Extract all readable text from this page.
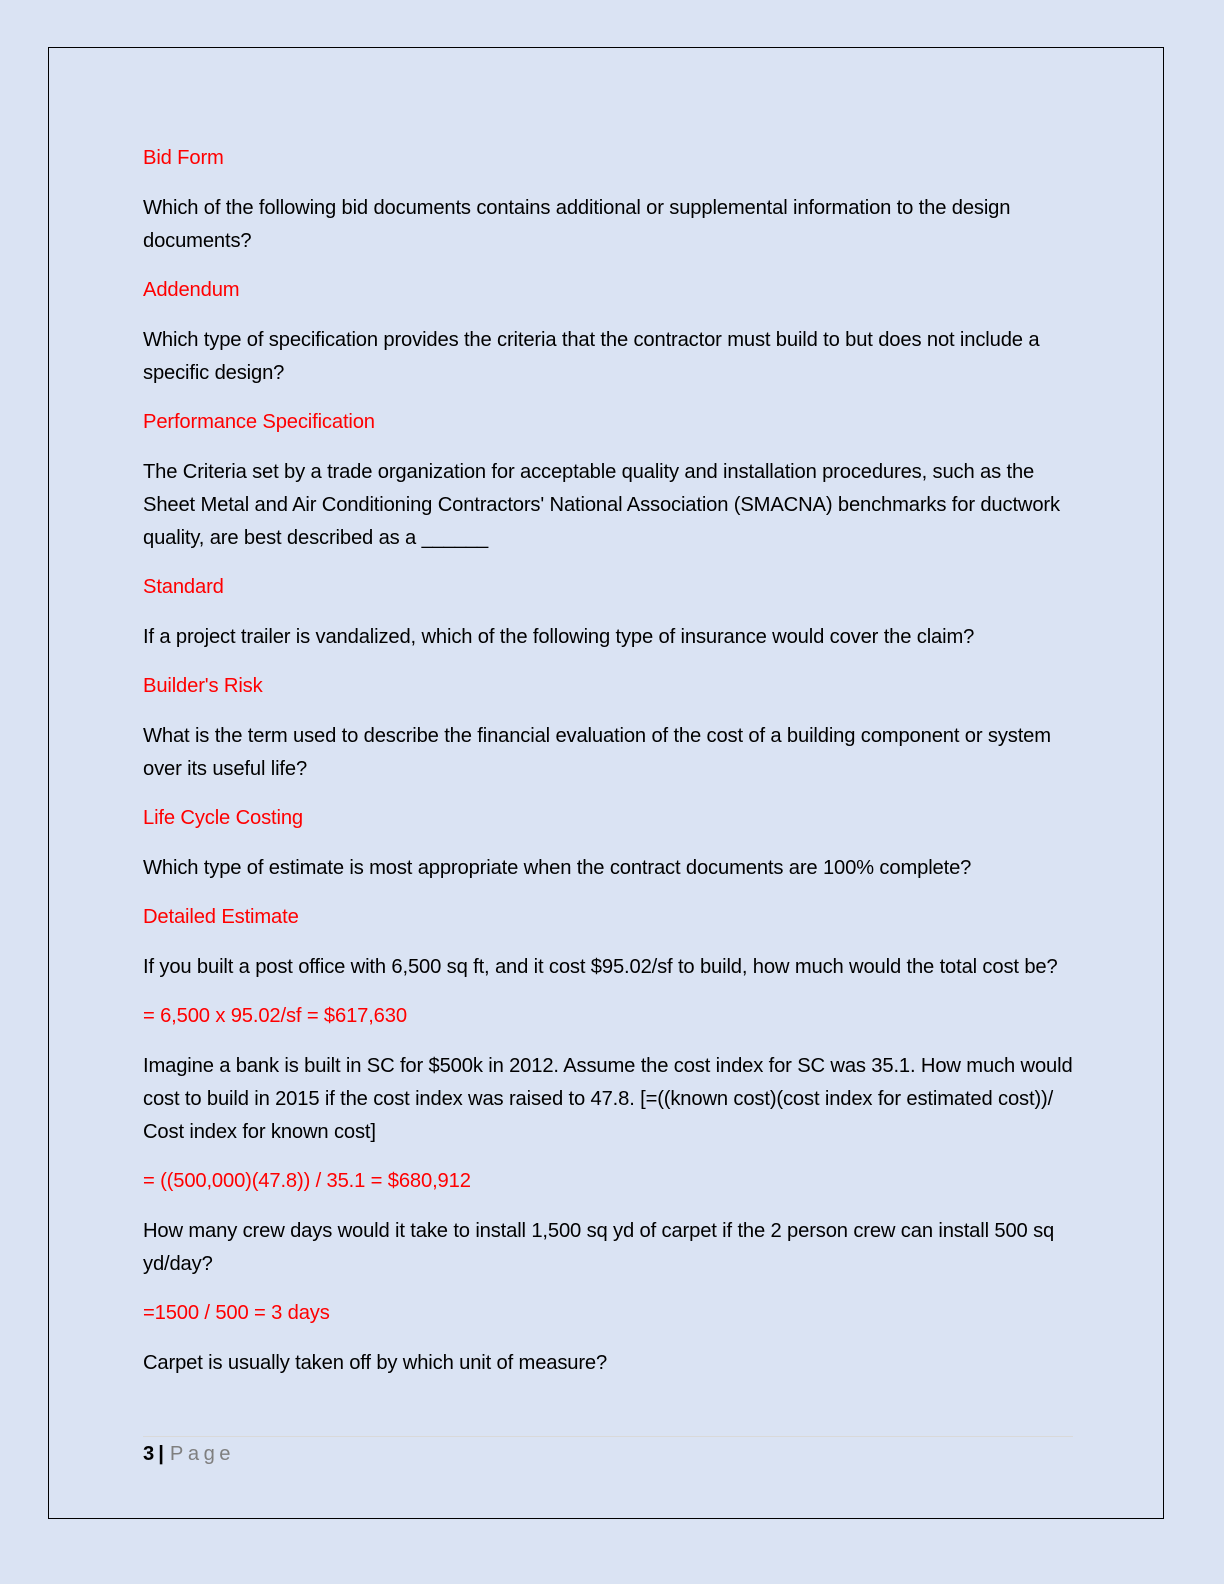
Bid Form

Which of the following bid documents contains additional or supplemental information to the design documents?

Addendum

Which type of specification provides the criteria that the contractor must build to but does not include a specific design?

Performance Specification

The Criteria set by a trade organization for acceptable quality and installation procedures, such as the Sheet Metal and Air Conditioning Contractors' National Association (SMACNA) benchmarks for ductwork quality, are best described as a ______

Standard

If a project trailer is vandalized, which of the following type of insurance would cover the claim?

Builder's Risk

What is the term used to describe the financial evaluation of the cost of a building component or system over its useful life?

Life Cycle Costing

Which type of estimate is most appropriate when the contract documents are 100% complete?

Detailed Estimate

If you built a post office with 6,500 sq ft, and it cost $95.02/sf to build, how much would the total cost be?

= 6,500 x 95.02/sf = $617,630

Imagine a bank is built in SC for $500k in 2012. Assume the cost index for SC was 35.1. How much would cost to build in 2015 if the cost index was raised to 47.8. [=((known cost)(cost index for estimated cost))/ Cost index for known cost]

= ((500,000)(47.8)) / 35.1 = $680,912

How many crew days would it take to install 1,500 sq yd of carpet if the 2 person crew can install 500 sq yd/day?

=1500 / 500 = 3 days

Carpet is usually taken off by which unit of measure?

3 | Page
